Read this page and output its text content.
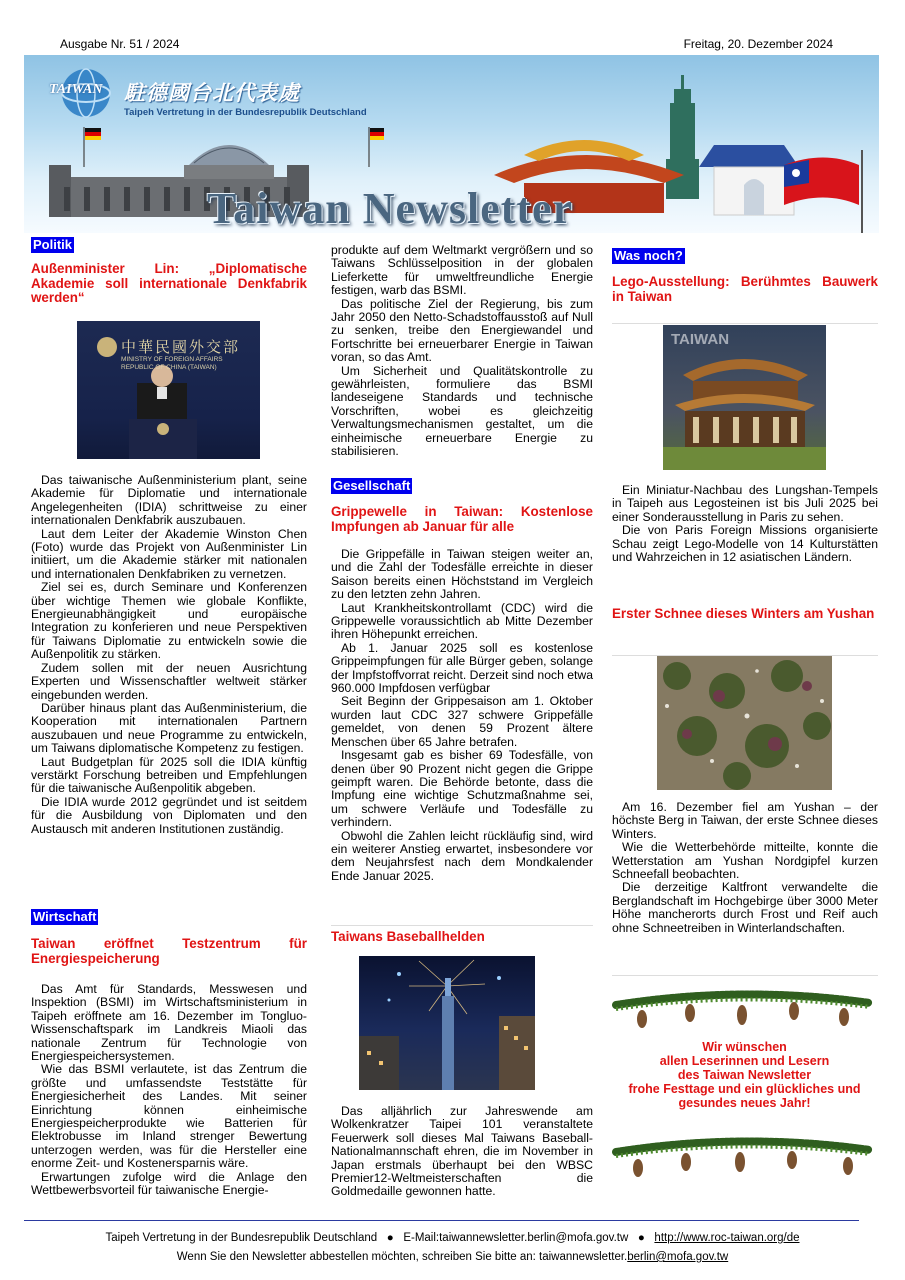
Ausgabe Nr. 51 / 2024	Freitag, 20. Dezember 2024
TAIWAN 駐德國台北代表處
Taipeh Vertretung in der Bundesrepublik Deutschland
Taiwan Newsletter
Politik

Außenminister Lin: „Diplomatische Akademie soll internationale Denkfabrik werden“

中華民國外交部
MINISTRY OF FOREIGN AFFAIRS REPUBLIC OF CHINA (TAIWAN)

Das taiwanische Außenministerium plant, seine Akademie für Diplomatie und internationale Angelegenheiten (IDIA) schrittweise zu einer internationalen Denkfabrik auszubauen.

Laut dem Leiter der Akademie Winston Chen (Foto) wurde das Projekt von Außenminister Lin initiiert, um die Akademie stärker mit nationalen und internationalen Denkfabriken zu vernetzen.

Ziel sei es, durch Seminare und Konferenzen über wichtige Themen wie globale Konflikte, Energieunabhängigkeit und europäische Integration zu konferieren und neue Perspektiven für Taiwans Diplomatie zu entwickeln sowie die Außenpolitik zu stärken.

Zudem sollen mit der neuen Ausrichtung Experten und Wissenschaftler weltweit stärker eingebunden werden.

Darüber hinaus plant das Außenministerium, die Kooperation mit internationalen Partnern auszubauen und neue Programme zu entwickeln, um Taiwans diplomatische Kompetenz zu festigen.

Laut Budgetplan für 2025 soll die IDIA künftig verstärkt Forschung betreiben und Empfehlungen für die taiwanische Außenpolitik abgeben.

Die IDIA wurde 2012 gegründet und ist seitdem für die Ausbildung von Diplomaten und den Austausch mit anderen Institutionen zuständig.

Wirtschaft

Taiwan eröffnet Testzentrum für Energiespeicherung

Das Amt für Standards, Messwesen und Inspektion (BSMI) im Wirtschaftsministerium in Taipeh eröffnete am 16. Dezember im Tongluo-Wissenschaftspark im Landkreis Miaoli das nationale Zentrum für Technologie von Energiespeichersystemen.

Wie das BSMI verlautete, ist das Zentrum die größte und umfassendste Teststätte für Energiesicherheit des Landes. Mit seiner Einrichtung können einheimische Energiespeicherprodukte wie Batterien für Elektrobusse im Inland strenger Bewertung unterzogen werden, was für die Hersteller eine enorme Zeit- und Kostenersparnis wäre.

Erwartungen zufolge wird die Anlage den Wettbewerbsvorteil für taiwanische Energie-

produkte auf dem Weltmarkt vergrößern und so Taiwans Schlüsselposition in der globalen Lieferkette für umweltfreundliche Energie festigen, warb das BSMI.

Das politische Ziel der Regierung, bis zum Jahr 2050 den Netto-Schadstoffausstoß auf Null zu senken, treibe den Energiewandel und Fortschritte bei erneuerbarer Energie in Taiwan voran, so das Amt.

Um Sicherheit und Qualitätskontrolle zu gewährleisten, formuliere das BSMI landeseigene Standards und technische Vorschriften, wobei es gleichzeitig Verwaltungsmechanismen gestaltet, um die einheimische erneuerbare Energie zu stabilisieren.

Gesellschaft

Grippewelle in Taiwan: Kostenlose Impfungen ab Januar für alle

Die Grippefälle in Taiwan steigen weiter an, und die Zahl der Todesfälle erreichte in dieser Saison bereits einen Höchststand im Vergleich zu den letzten zehn Jahren.

Laut Krankheitskontrollamt (CDC) wird die Grippewelle voraussichtlich ab Mitte Dezember ihren Höhepunkt erreichen.

Ab 1. Januar 2025 soll es kostenlose Grippeimpfungen für alle Bürger geben, solange der Impfstoffvorrat reicht. Derzeit sind noch etwa 960.000 Impfdosen verfügbar

Seit Beginn der Grippesaison am 1. Oktober wurden laut CDC 327 schwere Grippefälle gemeldet, von denen 59 Prozent ältere Menschen über 65 Jahre betrafen.

Insgesamt gab es bisher 69 Todesfälle, von denen über 90 Prozent nicht gegen die Grippe geimpft waren. Die Behörde betonte, dass die Impfung eine wichtige Schutzmaßnahme sei, um schwere Verläufe und Todesfälle zu verhindern.

Obwohl die Zahlen leicht rückläufig sind, wird ein weiterer Anstieg erwartet, insbesondere vor dem Neujahrsfest nach dem Mondkalender Ende Januar 2025.

Taiwans Baseballhelden

Das alljährlich zur Jahreswende am Wolkenkratzer Taipei 101 veranstaltete Feuerwerk soll dieses Mal Taiwans Baseball-Nationalmannschaft ehren, die im November in Japan erstmals überhaupt bei den WBSC Premier12-Weltmeisterschaften die Goldmedaille gewonnen hatte.

Was noch?

Lego-Ausstellung: Berühmtes Bauwerk in Taiwan

TAIWAN

Ein Miniatur-Nachbau des Lungshan-Tempels in Taipeh aus Legosteinen ist bis Juli 2025 bei einer Sonderausstellung in Paris zu sehen.

Die von Paris Foreign Missions organisierte Schau zeigt Lego-Modelle von 14 Kulturstätten und Wahrzeichen in 12 asiatischen Ländern.

Erster Schnee dieses Winters am Yushan

Am 16. Dezember fiel am Yushan – der höchste Berg in Taiwan, der erste Schnee dieses Winters.

Wie die Wetterbehörde mitteilte, konnte die Wetterstation am Yushan Nordgipfel kurzen Schneefall beobachten.

Die derzeitige Kaltfront verwandelte die Berglandschaft im Hochgebirge über 3000 Meter Höhe mancherorts durch Frost und Reif auch ohne Schneetreiben in Winterlandschaften.

Wir wünschen
allen Leserinnen und Lesern
des Taiwan Newsletter
frohe Festtage und ein glückliches und
gesundes neues Jahr!
Taipeh Vertretung in der Bundesrepublik Deutschland ● E-Mail:taiwannewsletter.berlin@mofa.gov.tw ● http://www.roc-taiwan.org/de
Wenn Sie den Newsletter abbestellen möchten, schreiben Sie bitte an: taiwannewsletter.berlin@mofa.gov.tw
